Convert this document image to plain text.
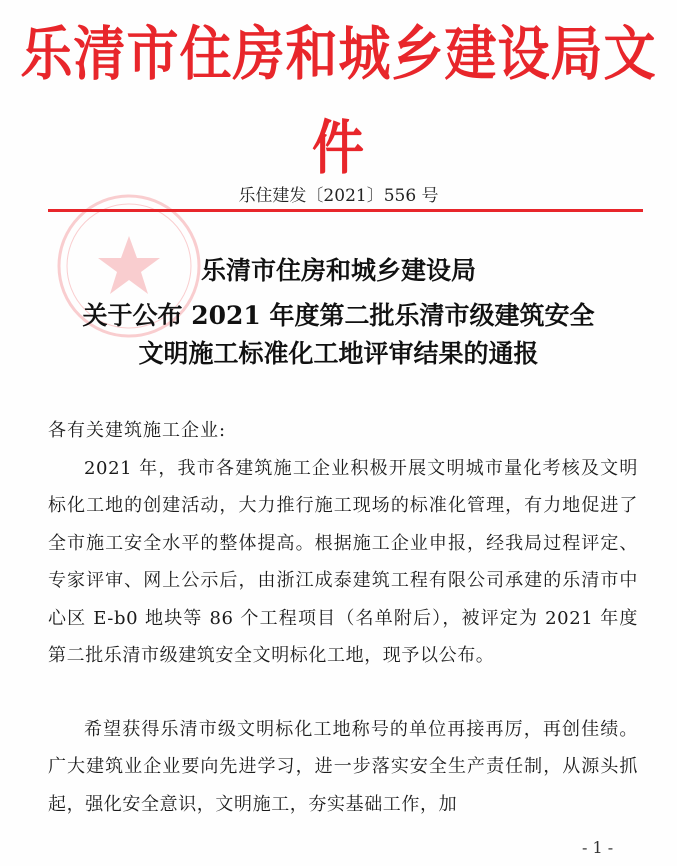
乐清市住房和城乡建设局文件
乐住建发〔2021〕556 号
乐清市住房和城乡建设局
关于公布 2021 年度第二批乐清市级建筑安全
文明施工标准化工地评审结果的通报
各有关建筑施工企业:

2021 年，我市各建筑施工企业积极开展文明城市量化考核及文明标化工地的创建活动，大力推行施工现场的标准化管理，有力地促进了全市施工安全水平的整体提高。根据施工企业申报，经我局过程评定、专家评审、网上公示后，由浙江成泰建筑工程有限公司承建的乐清市中心区 E-b0 地块等 86 个工程项目（名单附后），被评定为 2021 年度第二批乐清市级建筑安全文明标化工地，现予以公布。

希望获得乐清市级文明标化工地称号的单位再接再厉，再创佳绩。广大建筑业企业要向先进学习，进一步落实安全生产责任制，从源头抓起，强化安全意识，文明施工，夯实基础工作，加

- 1 -
